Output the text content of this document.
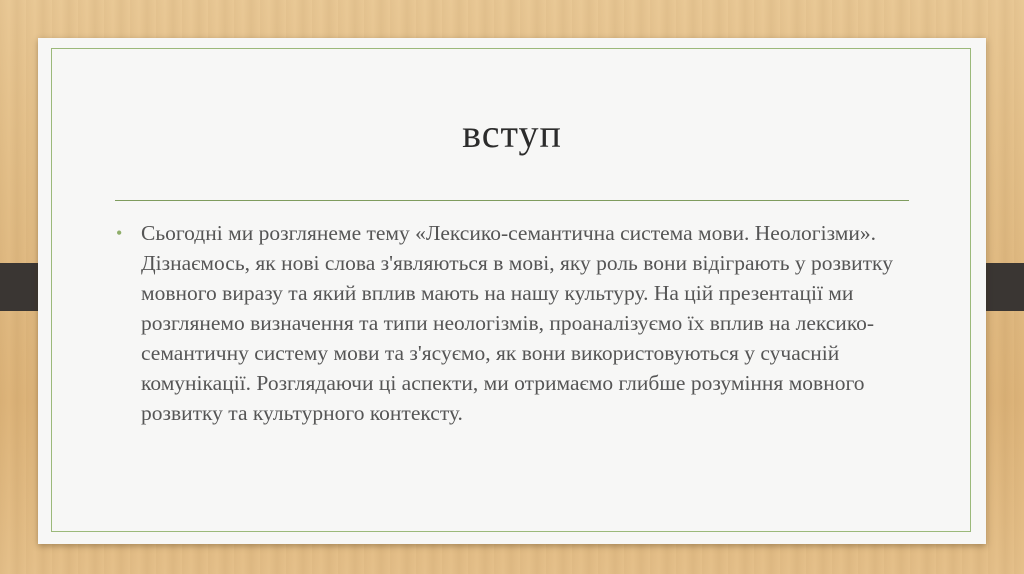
вступ
• Сьогодні ми розглянеме тему «Лексико-семантична система мови. Неологізми». Дізнаємось, як нові слова з'являються в мові, яку роль вони відіграють у розвитку мовного виразу та який вплив мають на нашу культуру. На цій презентації ми розглянемо визначення та типи неологізмів, проаналізуємо їх вплив на лексико-семантичну систему мови та з'ясуємо, як вони використовуються у сучасній комунікації. Розглядаючи ці аспекти, ми отримаємо глибше розуміння мовного розвитку та культурного контексту.
